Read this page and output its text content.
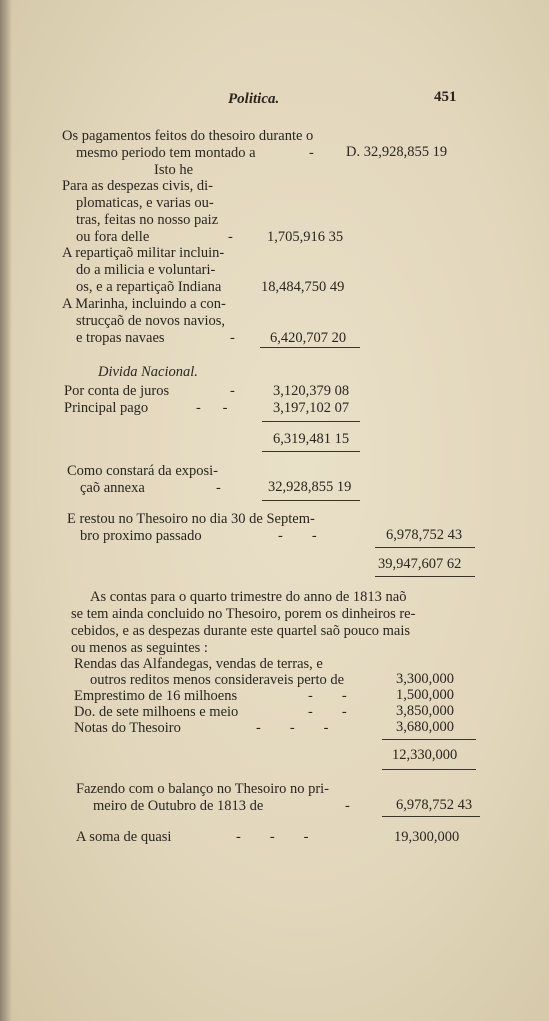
Politica.	451
Os pagamentos feitos do thesoiro durante o
mesmo periodo tem montado a	- D. 32,928,855 19
Isto he
Para as despezas civis, di-
plomaticas, e varias ou-
tras, feitas no nosso paiz
ou fora delle	- 1,705,916 35
A repartiçaõ militar incluin-
do a milicia e voluntari-
os, e a repartiçaõ Indiana	18,484,750 49
A Marinha, incluindo a con-
strucçaõ de novos navios,
e tropas navaes	- 6,420,707 20
Divida Nacional.
Por conta de juros	-	3,120,379 08
Principal pago	-      -	3,197,102 07
6,319,481 15
Como constará da exposi-
çaõ annexa	-	32,928,855 19
E restou no Thesoiro no dia 30 de Septem-
bro proximo passado	-        -	6,978,752 43
39,947,607 62
As contas para o quarto trimestre do anno de 1813 naõ
se tem ainda concluido no Thesoiro, porem os dinheiros re-
cebidos, e as despezas durante este quartel saõ pouco mais
ou menos as seguintes :
Rendas das Alfandegas, vendas de terras, e
outros reditos menos consideraveis perto de	3,300,000
Emprestimo de 16 milhoens	-        -	1,500,000
Do. de sete milhoens e meio	-        -	3,850,000
Notas do Thesoiro	-        -        -	3,680,000
12,330,000
Fazendo com o balanço no Thesoiro no pri-
meiro de Outubro de 1813 de	-	6,978,752 43
A soma de quasi	-        -        -	19,300,000
